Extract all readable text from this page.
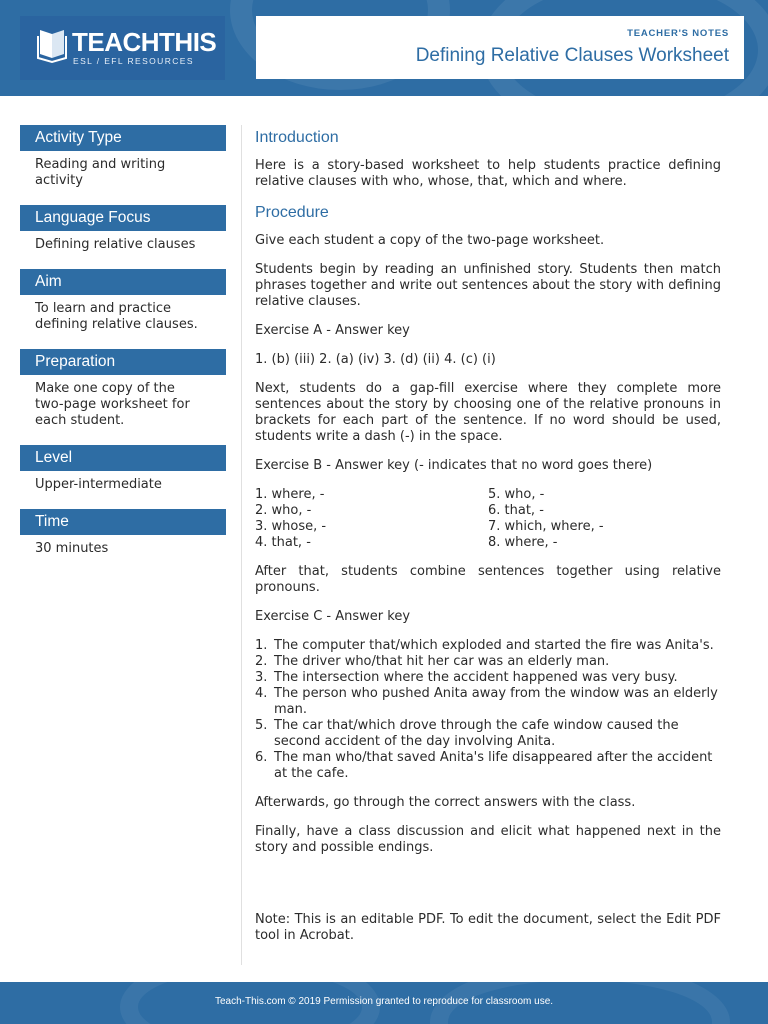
TEACHTHIS
ESL / EFL RESOURCES
TEACHER'S NOTES
Defining Relative Clauses Worksheet
Activity Type
Reading and writing activity
Language Focus
Defining relative clauses
Aim
To learn and practice defining relative clauses.
Preparation
Make one copy of the two-page worksheet for each student.
Level
Upper-intermediate
Time
30 minutes
Introduction

Here is a story-based worksheet to help students practice defining relative clauses with who, whose, that, which and where.

Procedure

Give each student a copy of the two-page worksheet.

Students begin by reading an unfinished story. Students then match phrases together and write out sentences about the story with defining relative clauses.

Exercise A - Answer key

1. (b) (iii) 2. (a) (iv) 3. (d) (ii) 4. (c) (i)

Next, students do a gap-fill exercise where they complete more sentences about the story by choosing one of the relative pronouns in brackets for each part of the sentence. If no word should be used, students write a dash (-) in the space.

Exercise B - Answer key (- indicates that no word goes there)

1. where, -	5. who, -
2. who, -	6. that, -
3. whose, -	7. which, where, -
4. that, -	8. where, -

After that, students combine sentences together using relative pronouns.

Exercise C - Answer key

1. The computer that/which exploded and started the fire was Anita's.
2. The driver who/that hit her car was an elderly man.
3. The intersection where the accident happened was very busy.
4. The person who pushed Anita away from the window was an elderly man.
5. The car that/which drove through the cafe window caused the second accident of the day involving Anita.
6. The man who/that saved Anita's life disappeared after the accident at the cafe.

Afterwards, go through the correct answers with the class.

Finally, have a class discussion and elicit what happened next in the story and possible endings.

Note: This is an editable PDF. To edit the document, select the Edit PDF tool in Acrobat.

Teach-This.com © 2019 Permission granted to reproduce for classroom use.
